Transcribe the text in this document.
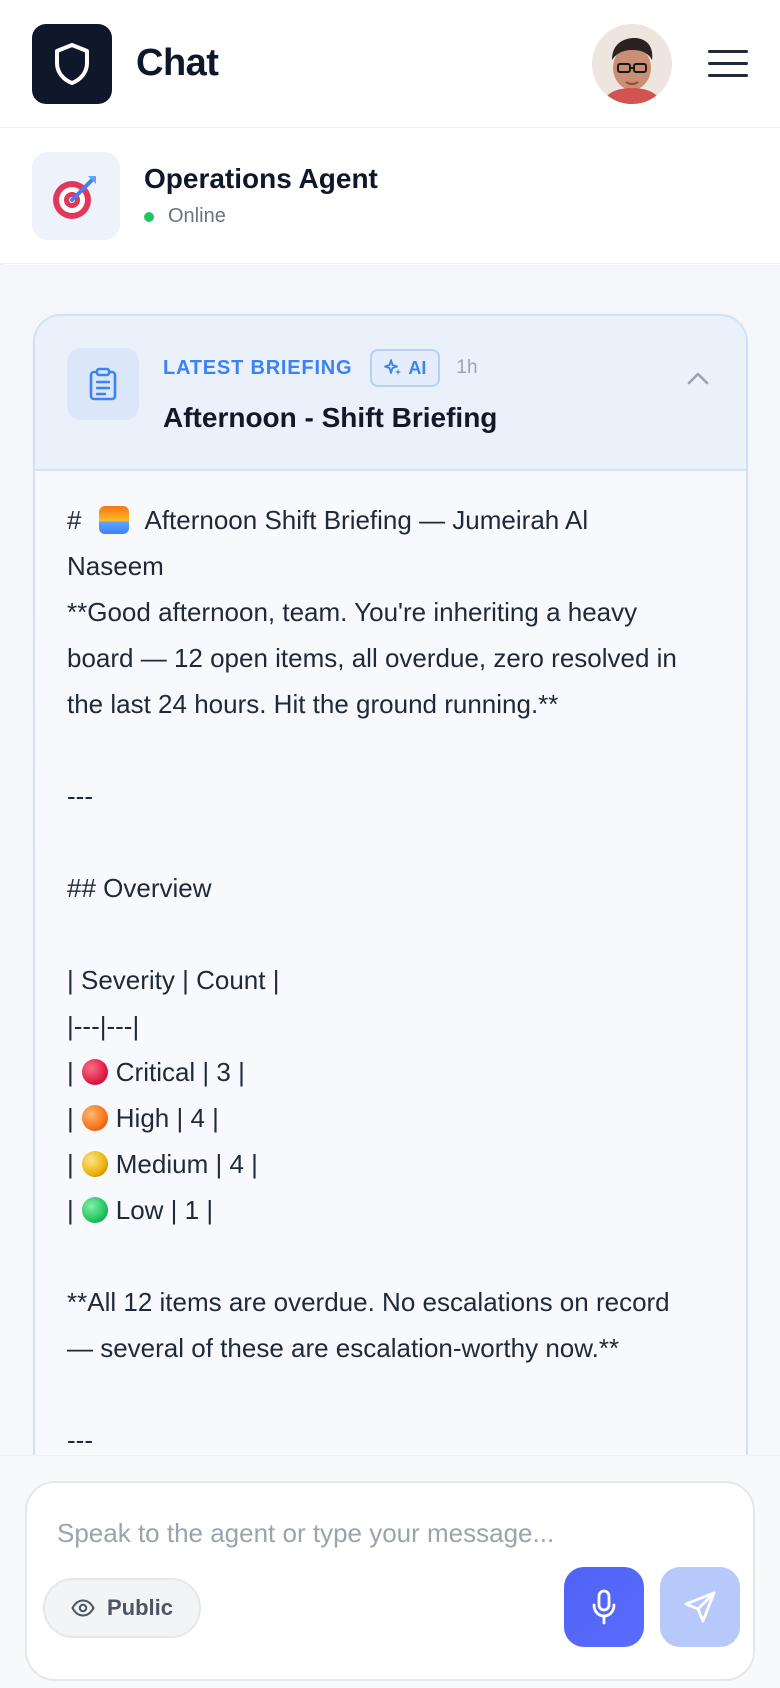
Chat
Operations Agent
Online
LATEST BRIEFING	AI 1h
Afternoon - Shift Briefing
#  Afternoon Shift Briefing — Jumeirah Al
Naseem
**Good afternoon, team. You're inheriting a heavy
board — 12 open items, all overdue, zero resolved in
the last 24 hours. Hit the ground running.**
---
## Overview
| Severity | Count |
|---|---|
| Critical | 3 |
| High | 4 |
| Medium | 4 |
| Low | 1 |
**All 12 items are overdue. No escalations on record
— several of these are escalation-worthy now.**
---
Speak to the agent or type your message...
Public
